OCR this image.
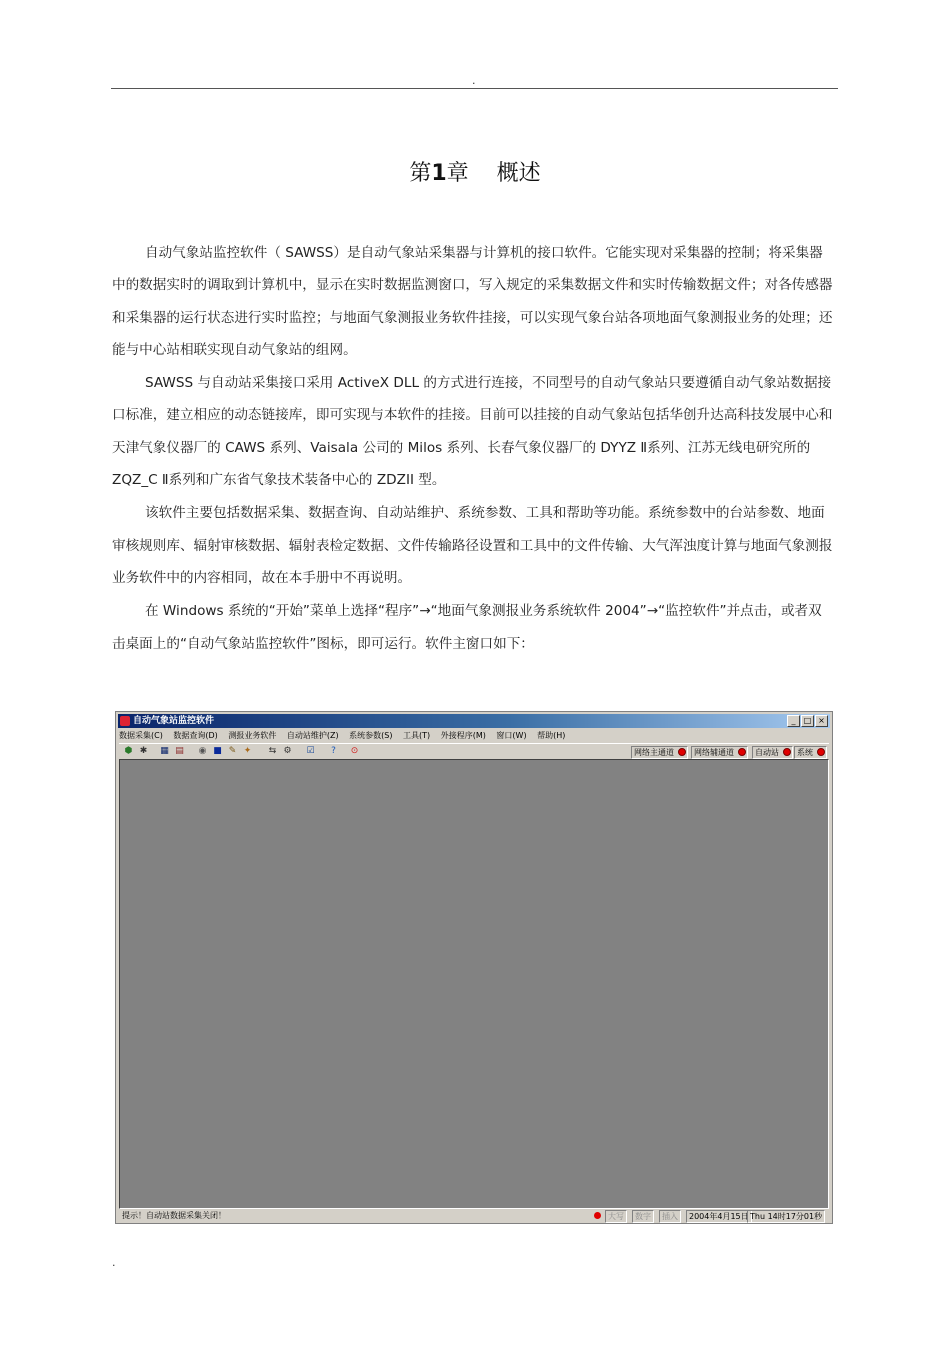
.
第1章 概述

自动气象站监控软件（ SAWSS）是自动气象站采集器与计算机的接口软件。它能实现对采集器的控制；将采集器中的数据实时的调取到计算机中，显示在实时数据监测窗口，写入规定的采集数据文件和实时传输数据文件；对各传感器和采集器的运行状态进行实时监控；与地面气象测报业务软件挂接，可以实现气象台站各项地面气象测报业务的处理；还能与中心站相联实现自动气象站的组网。

SAWSS 与自动站采集接口采用 ActiveX DLL 的方式进行连接，不同型号的自动气象站只要遵循自动气象站数据接口标准，建立相应的动态链接库，即可实现与本软件的挂接。目前可以挂接的自动气象站包括华创升达高科技发展中心和天津气象仪器厂的 CAWS 系列、Vaisala 公司的 Milos 系列、长春气象仪器厂的 DYYZ Ⅱ系列、江苏无线电研究所的 ZQZ_C Ⅱ系列和广东省气象技术装备中心的 ZDZII 型。

该软件主要包括数据采集、数据查询、自动站维护、系统参数、工具和帮助等功能。系统参数中的台站参数、地面审核规则库、辐射审核数据、辐射表检定数据、文件传输路径设置和工具中的文件传输、大气浑浊度计算与地面气象测报业务软件中的内容相同，故在本手册中不再说明。

在 Windows 系统的“开始”菜单上选择“程序”→“地面气象测报业务系统软件 2004”→“监控软件”并点击，或者双击桌面上的“自动气象站监控软件”图标，即可运行。软件主窗口如下：

自动气象站监控软件	_ □ ×
数据采集(C) 数据查询(D) 测报业务软件 自动站维护(Z) 系统参数(S) 工具(T) 外接程序(M) 窗口(W) 帮助(H)
⬢ ✱ ▦ ▤ ◉ ■ ✎ ✦ ⇆ ⚙ ☑	?	⊙	网络主通道	网络辅通道	自动站	系统
提示！自动站数据采集关闭！	大写	数字	插入	2004年4月15日 Thu 14时17分01秒
.
